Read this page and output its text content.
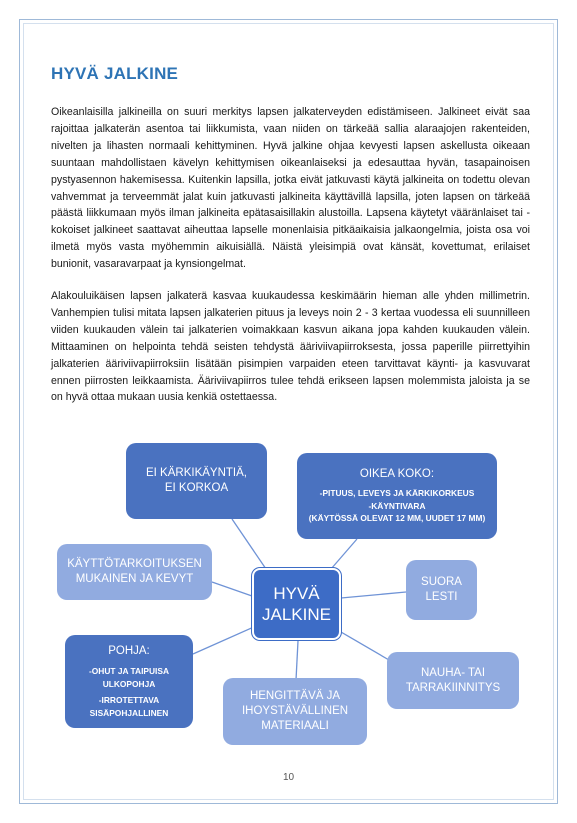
HYVÄ JALKINE

Oikeanlaisilla jalkineilla on suuri merkitys lapsen jalkaterveyden edistämiseen. Jalkineet eivät saa rajoittaa jalkaterän asentoa tai liikkumista, vaan niiden on tärkeää sallia alaraajojen rakenteiden, nivelten ja lihasten normaali kehittyminen. Hyvä jalkine ohjaa kevyesti lapsen askellusta oikeaan suuntaan mahdollistaen kävelyn kehittymisen oikeanlaiseksi ja edesauttaa hyvän, tasapainoisen pystyasennon hakemisessa. Kuitenkin lapsilla, jotka eivät jatkuvasti käytä jalkineita on todettu olevan vahvemmat ja terveemmät jalat kuin jatkuvasti jalkineita käyttävillä lapsilla, joten lapsen on tärkeää päästä liikkumaan myös ilman jalkineita epätasaisillakin alustoilla. Lapsena käytetyt vääränlaiset tai -kokoiset jalkineet saattavat aiheuttaa lapselle monenlaisia pitkäaikaisia jalkaongelmia, joista osa voi ilmetä myös vasta myöhemmin aikuisiällä. Näistä yleisimpiä ovat känsät, kovettumat, erilaiset bunionit, vasaravarpaat ja kynsiongelmat.

Alakouluikäisen lapsen jalkaterä kasvaa kuukaudessa keskimäärin hieman alle yhden millimetrin. Vanhempien tulisi mitata lapsen jalkaterien pituus ja leveys noin 2 - 3 kertaa vuodessa eli suunnilleen viiden kuukauden välein tai jalkaterien voimakkaan kasvun aikana jopa kahden kuukauden välein. Mittaaminen on helpointa tehdä seisten tehdystä ääriviivapiirroksesta, jossa paperille piirrettyihin jalkaterien ääriviivapiirroksiin lisätään pisimpien varpaiden eteen tarvittavat käynti- ja kasvuvarat ennen piirrosten leikkaamista. Ääriviivapiirros tulee tehdä erikseen lapsen molemmista jaloista ja se on hyvä ottaa mukaan uusia kenkiä ostettaessa.

EI KÄRKIKÄYNTIÄ, EI KORKOA
OIKEA KOKO:
-PITUUS, LEVEYS JA KÄRKIKORKEUS
-KÄYNTIVARA
(KÄYTÖSSÄ OLEVAT 12 MM, UUDET 17 MM)
KÄYTTÖTARKOITUKSEN MUKAINEN JA KEVYT
HYVÄ JALKINE
SUORA LESTI
POHJA:
-OHUT JA TAIPUISA ULKOPOHJA
-IRROTETTAVA SISÄPOHJALLINEN
NAUHA- TAI TARRAKIINNITYS
HENGITTÄVÄ JA IHOYSTÄVÄLLINEN MATERIAALI
10
